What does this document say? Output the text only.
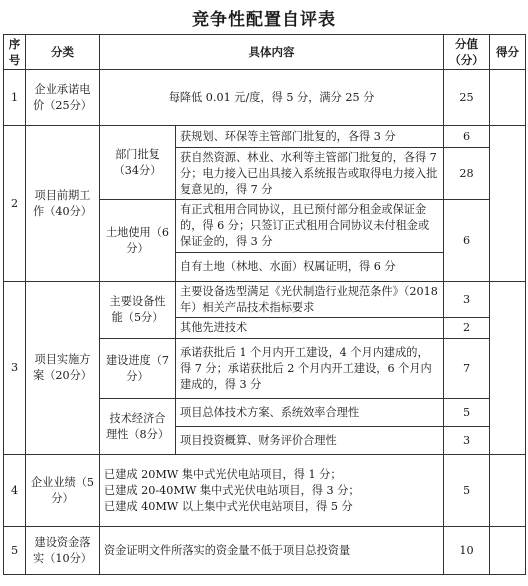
竞争性配置自评表
序号	分类	具体内容		分值（分）	得分
1	企业承诺电价（25分）	每降低 0.01 元/度，得 5 分，满分 25 分		25	
2	项目前期工作（40分）	部门批复（34分）	获规划、环保等主管部门批复的，各得 3 分	6	
			获自然资源、林业、水利等主管部门批复的，各得 7 分；电力接入已出具接入系统报告或取得电力接入批复意见的，得 7 分	28	
		土地使用（6分）	有正式租用合同协议，且已预付部分租金或保证金的，得 6 分；只签订正式租用合同协议未付租金或保证金的，得 3 分	6	
			自有土地（林地、水面）权属证明，得 6 分		
3	项目实施方案（20分）	主要设备性能（5分）	主要设备选型满足《光伏制造行业规范条件》（2018年）相关产品技术指标要求	3	
			其他先进技术	2	
		建设进度（7分）	承诺获批后 1 个月内开工建设，4 个月内建成的，得 7 分；承诺获批后 2 个月内开工建设，6 个月内建成的，得 3 分	7	
		技术经济合理性（8分）	项目总体技术方案、系统效率合理性	5	
			项目投资概算、财务评价合理性	3	
4	企业业绩（5分）	已建成 20MW 集中式光伏电站项目，得 1 分；
已建成 20-40MW 集中式光伏电站项目，得 3 分；
已建成 40MW 以上集中式光伏电站项目，得 5 分		5	
5	建设资金落实（10分）	资金证明文件所落实的资金量不低于项目总投资量		10	
